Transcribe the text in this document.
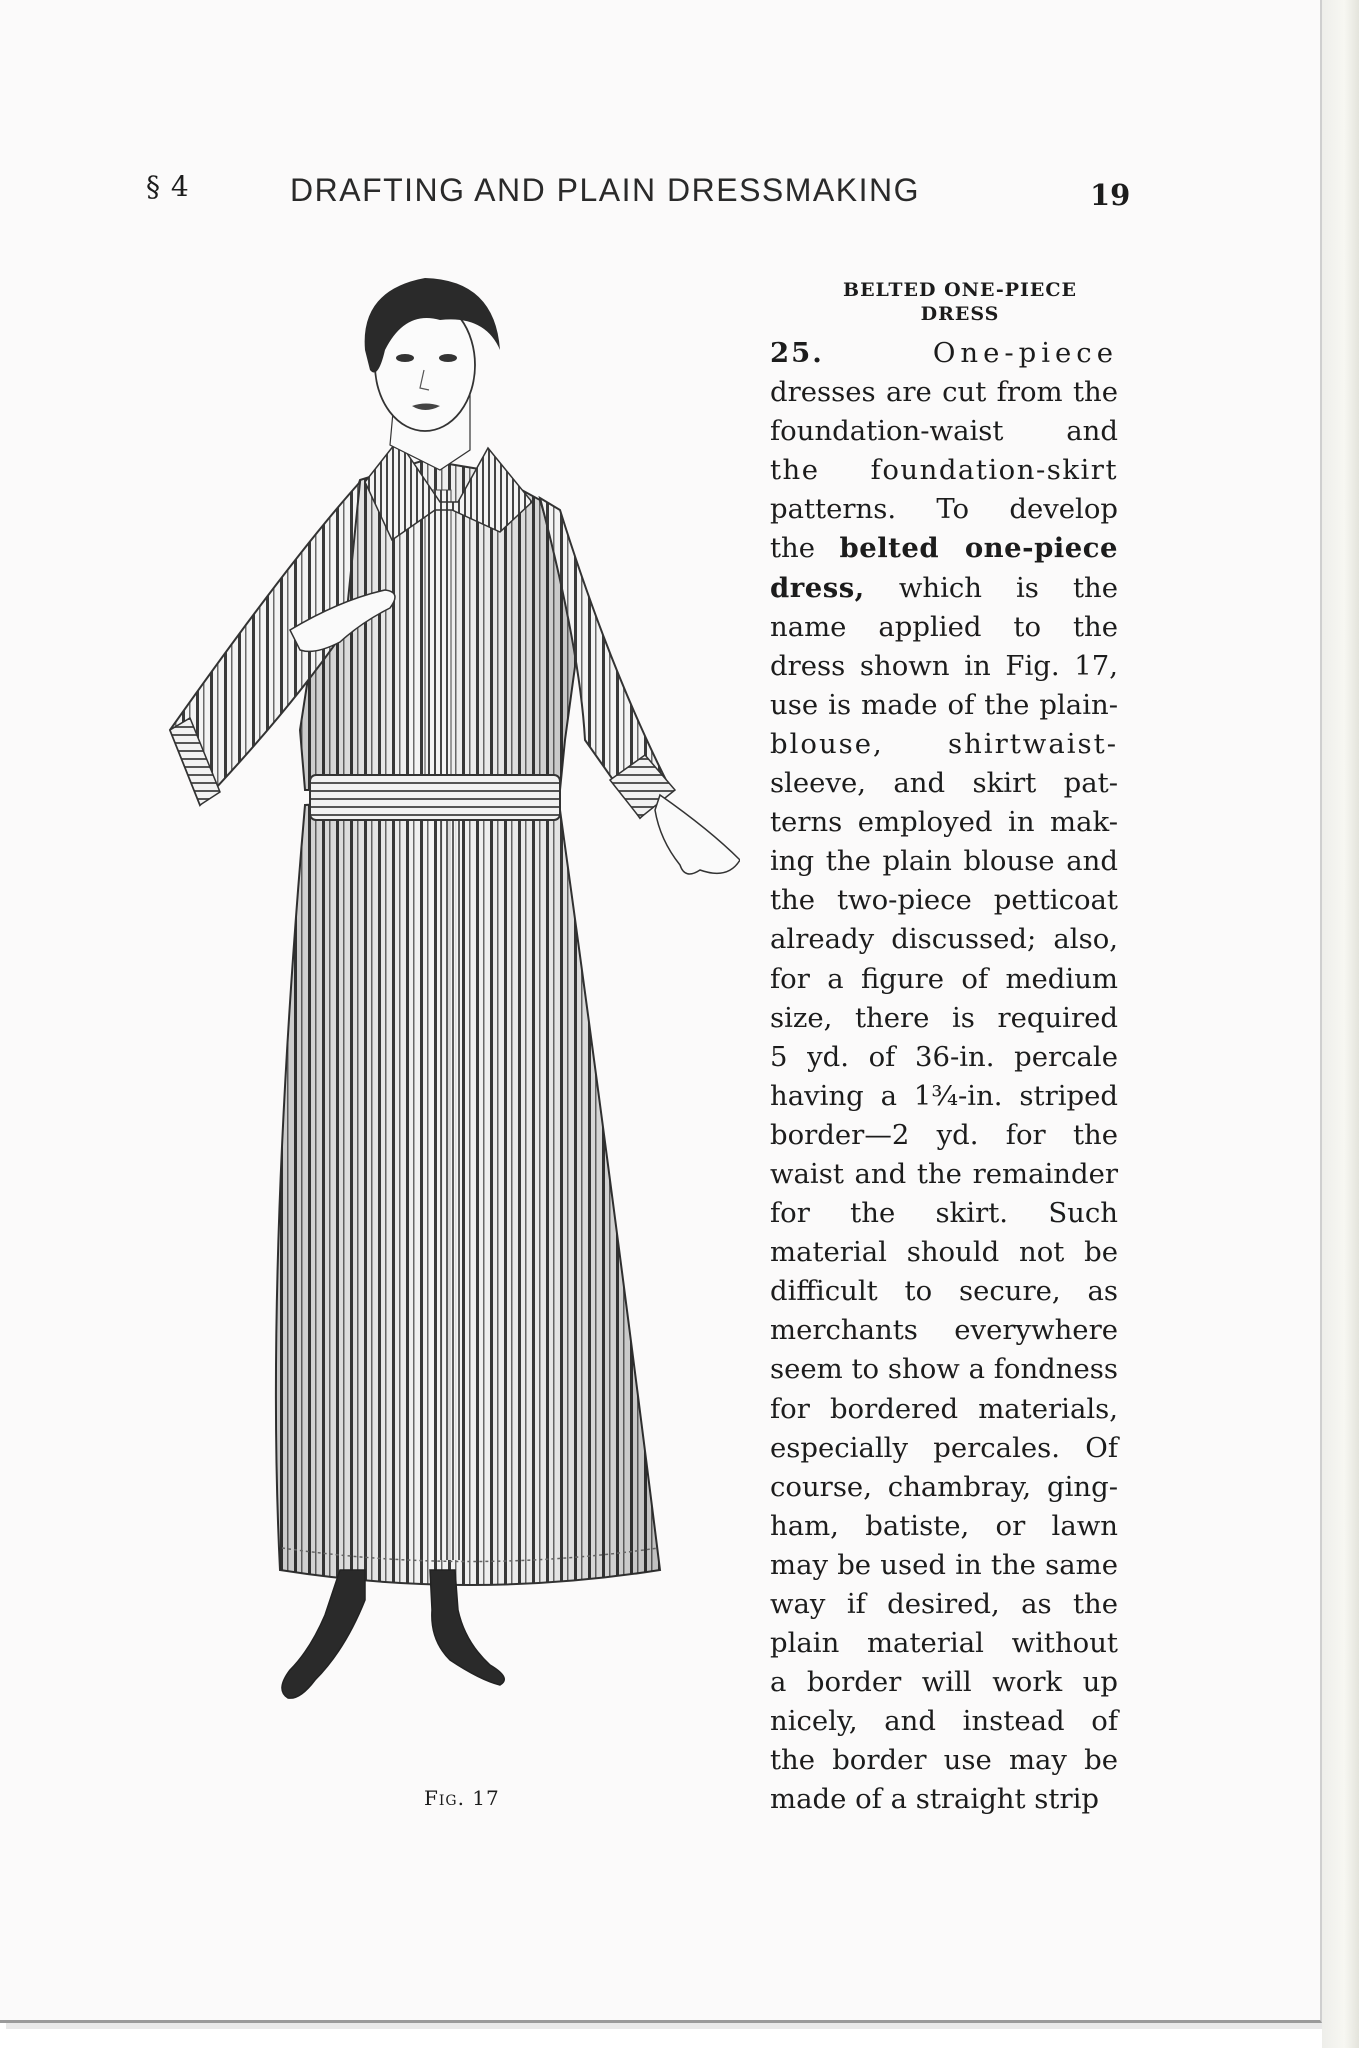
§ 4	DRAFTING AND PLAIN DRESSMAKING	19
Fig. 17
BELTED ONE-PIECE
DRESS
25.	One-piece
dresses are cut from the
foundation-waist and
the foundation-skirt
patterns. To develop
the belted one-piece
dress, which is the
name applied to the
dress shown in Fig. 17,
use is made of the plain-
blouse, shirtwaist-
sleeve, and skirt pat-
terns employed in mak-
ing the plain blouse and
the two-piece petticoat
already discussed; also,
for a figure of medium
size, there is required
5 yd. of 36-in. percale
having a 1¾-in. striped
border—2 yd. for the
waist and the remainder
for the skirt. Such
material should not be
difficult to secure, as
merchants everywhere
seem to show a fondness
for bordered materials,
especially percales. Of
course, chambray, ging-
ham, batiste, or lawn
may be used in the same
way if desired, as the
plain material without
a border will work up
nicely, and instead of
the border use may be
made of a straight strip
